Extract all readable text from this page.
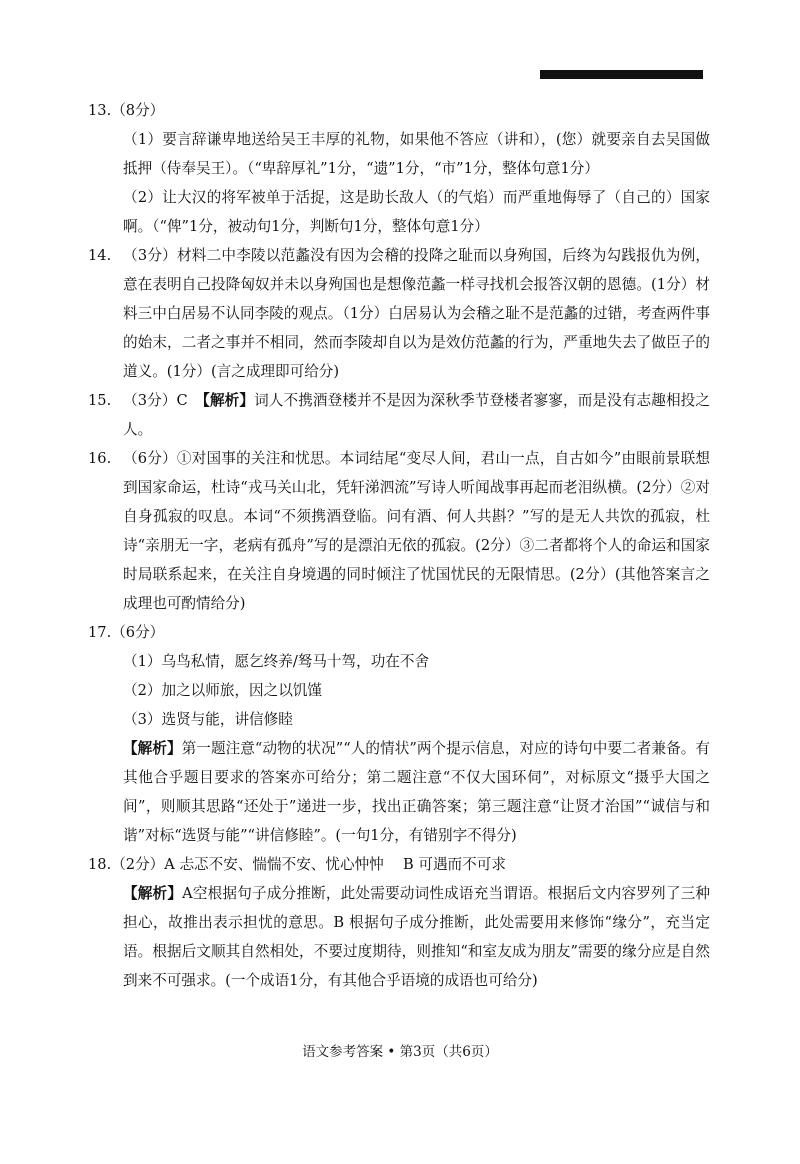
13.（8分）

（1）要言辞谦卑地送给吴王丰厚的礼物，如果他不答应（讲和），(您）就要亲自去吴国做抵押（侍奉吴王）。（“卑辞厚礼”1分，“遗”1分，“市”1分，整体句意1分）

（2）让大汉的将军被单于活捉，这是助长敌人（的气焰）而严重地侮辱了（自己的）国家啊。（“俾”1分，被动句1分，判断句1分，整体句意1分）

14. （3分）材料二中李陵以范蠡没有因为会稽的投降之耻而以身殉国，后终为勾践报仇为例，意在表明自己投降匈奴并未以身殉国也是想像范蠡一样寻找机会报答汉朝的恩德。(1分）材料三中白居易不认同李陵的观点。（1分）白居易认为会稽之耻不是范蠡的过错，考查两件事的始末，二者之事并不相同，然而李陵却自以为是效仿范蠡的行为，严重地失去了做臣子的道义。(1分）(言之成理即可给分)
15. （3分）C　 【解析】词人不携酒登楼并不是因为深秋季节登楼者寥寥，而是没有志趣相投之人。
16. （6分）①对国事的关注和忧思。本词结尾“变尽人间，君山一点，自古如今”由眼前景联想到国家命运，杜诗“戎马关山北，凭轩涕泗流”写诗人听闻战事再起而老泪纵横。(2分）②对自身孤寂的叹息。本词“不须携酒登临。问有酒、何人共斟？”写的是无人共饮的孤寂，杜诗“亲朋无一字，老病有孤舟”写的是漂泊无依的孤寂。(2分）③二者都将个人的命运和国家时局联系起来，在关注自身境遇的同时倾注了忧国忧民的无限情思。(2分）(其他答案言之成理也可酌情给分)
17.（6分）

（1）乌鸟私情，愿乞终养/驽马十驾，功在不舍

（2）加之以师旅，因之以饥馑

（3）选贤与能，讲信修睦

【解析】第一题注意“动物的状况”“人的情状”两个提示信息，对应的诗句中要二者兼备。有其他合乎题目要求的答案亦可给分；第二题注意“不仅大国环伺”，对标原文“摄乎大国之间”，则顺其思路“还处于”递进一步，找出正确答案；第三题注意“让贤才治国”“诚信与和谐”对标“选贤与能”“讲信修睦”。(一句1分，有错别字不得分)

18.（2分）A 忐忑不安、惴惴不安、忧心忡忡　 B 可遇而不可求

【解析】A空根据句子成分推断，此处需要动词性成语充当谓语。根据后文内容罗列了三种担心，故推出表示担忧的意思。B 根据句子成分推断，此处需要用来修饰“缘分”，充当定语。根据后文顺其自然相处，不要过度期待，则推知“和室友成为朋友”需要的缘分应是自然到来不可强求。(一个成语1分，有其他合乎语境的成语也可给分)

语文参考答案 • 第3页（共6页）
